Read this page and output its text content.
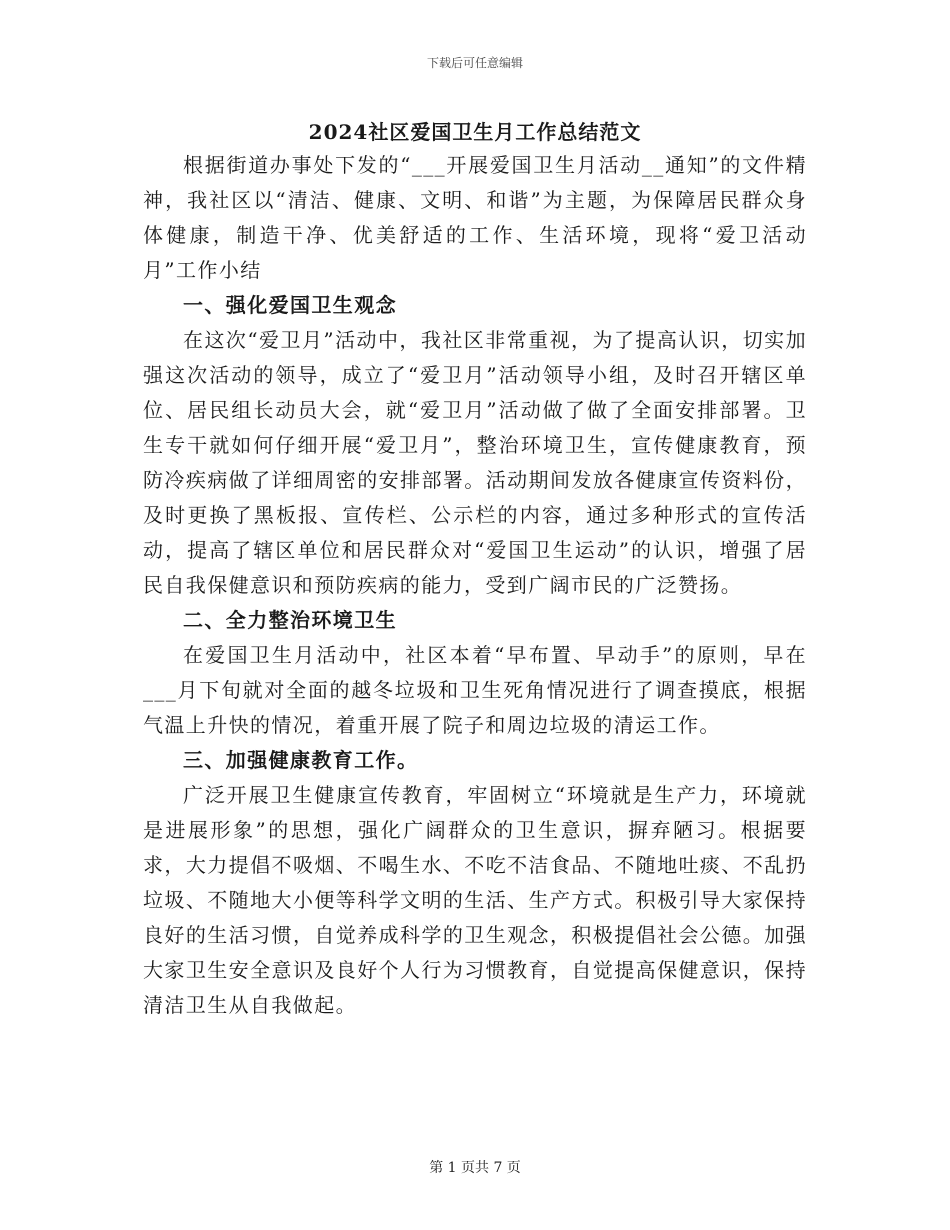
下载后可任意编辑
2024社区爱国卫生月工作总结范文

根据街道办事处下发的“___开展爱国卫生月活动__通知”的文件精神，我社区以“清洁、健康、文明、和谐”为主题，为保障居民群众身体健康，制造干净、优美舒适的工作、生活环境，现将“爱卫活动月”工作小结

一、强化爱国卫生观念

在这次“爱卫月”活动中，我社区非常重视，为了提高认识，切实加强这次活动的领导，成立了“爱卫月”活动领导小组，及时召开辖区单位、居民组长动员大会，就“爱卫月”活动做了做了全面安排部署。卫生专干就如何仔细开展“爱卫月”，整治环境卫生，宣传健康教育，预防冷疾病做了详细周密的安排部署。活动期间发放各健康宣传资料份，及时更换了黑板报、宣传栏、公示栏的内容，通过多种形式的宣传活动，提高了辖区单位和居民群众对“爱国卫生运动”的认识，增强了居民自我保健意识和预防疾病的能力，受到广阔市民的广泛赞扬。

二、全力整治环境卫生

在爱国卫生月活动中，社区本着“早布置、早动手”的原则，早在___月下旬就对全面的越冬垃圾和卫生死角情况进行了调查摸底，根据气温上升快的情况，着重开展了院子和周边垃圾的清运工作。

三、加强健康教育工作。

广泛开展卫生健康宣传教育，牢固树立“环境就是生产力，环境就是进展形象”的思想，强化广阔群众的卫生意识，摒弃陋习。根据要求，大力提倡不吸烟、不喝生水、不吃不洁食品、不随地吐痰、不乱扔垃圾、不随地大小便等科学文明的生活、生产方式。积极引导大家保持良好的生活习惯，自觉养成科学的卫生观念，积极提倡社会公德。加强大家卫生安全意识及良好个人行为习惯教育，自觉提高保健意识，保持清洁卫生从自我做起。

第 1 页共 7 页
